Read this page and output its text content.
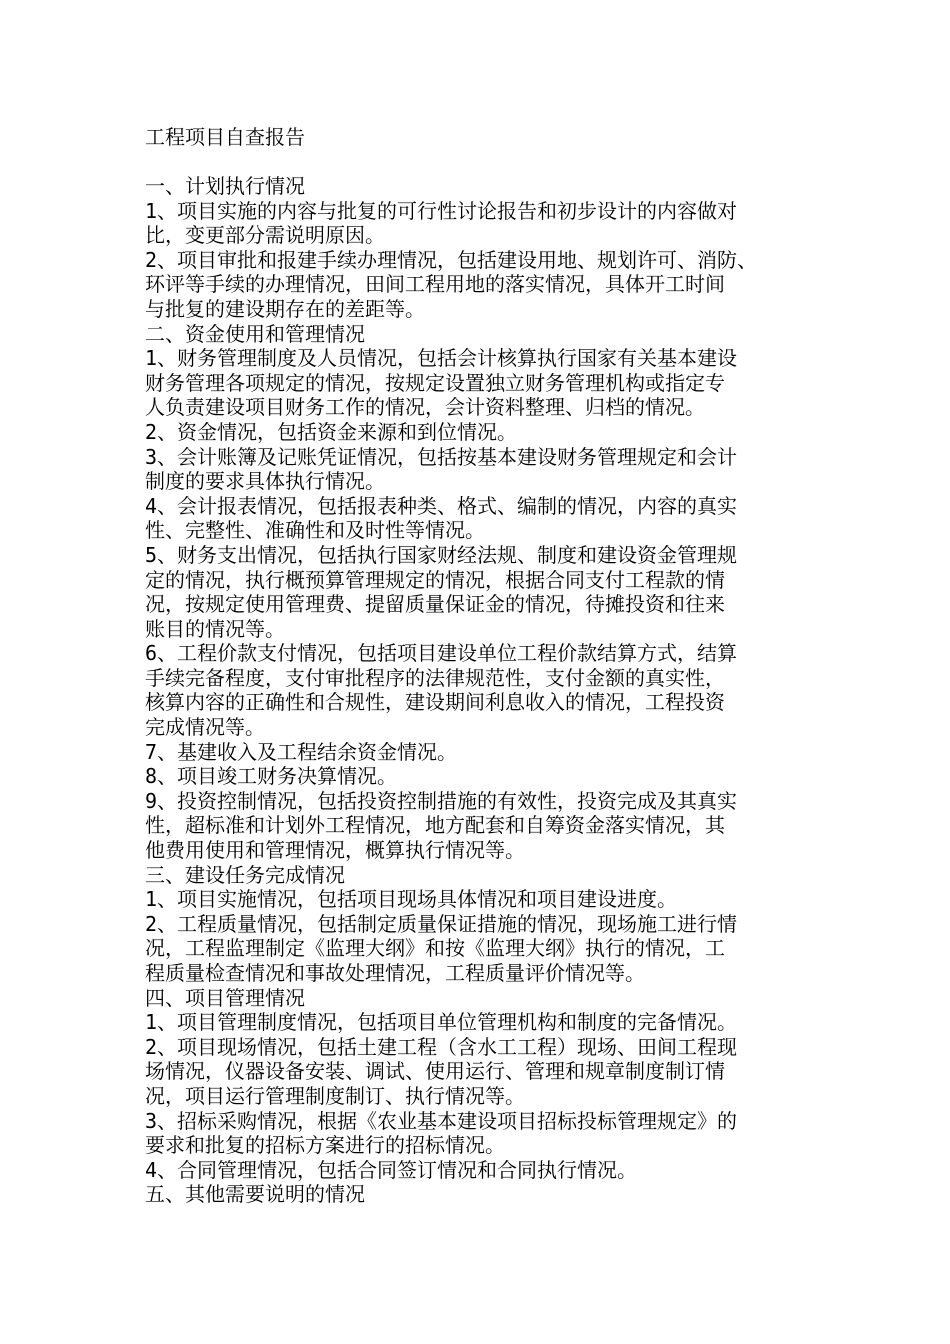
工程项目自查报告
一、计划执行情况
1、项目实施的内容与批复的可行性讨论报告和初步设计的内容做对
比，变更部分需说明原因。
2、项目审批和报建手续办理情况，包括建设用地、规划许可、消防、
环评等手续的办理情况，田间工程用地的落实情况，具体开工时间
与批复的建设期存在的差距等。
二、资金使用和管理情况
1、财务管理制度及人员情况，包括会计核算执行国家有关基本建设
财务管理各项规定的情况，按规定设置独立财务管理机构或指定专
人负责建设项目财务工作的情况，会计资料整理、归档的情况。
2、资金情况，包括资金来源和到位情况。
3、会计账簿及记账凭证情况，包括按基本建设财务管理规定和会计
制度的要求具体执行情况。
4、会计报表情况，包括报表种类、格式、编制的情况，内容的真实
性、完整性、准确性和及时性等情况。
5、财务支出情况，包括执行国家财经法规、制度和建设资金管理规
定的情况，执行概预算管理规定的情况，根据合同支付工程款的情
况，按规定使用管理费、提留质量保证金的情况，待摊投资和往来
账目的情况等。
6、工程价款支付情况，包括项目建设单位工程价款结算方式，结算
手续完备程度，支付审批程序的法律规范性，支付金额的真实性，
核算内容的正确性和合规性，建设期间利息收入的情况，工程投资
完成情况等。
7、基建收入及工程结余资金情况。
8、项目竣工财务决算情况。
9、投资控制情况，包括投资控制措施的有效性，投资完成及其真实
性，超标准和计划外工程情况，地方配套和自筹资金落实情况，其
他费用使用和管理情况，概算执行情况等。
三、建设任务完成情况
1、项目实施情况，包括项目现场具体情况和项目建设进度。
2、工程质量情况，包括制定质量保证措施的情况，现场施工进行情
况，工程监理制定《监理大纲》和按《监理大纲》执行的情况，工
程质量检查情况和事故处理情况，工程质量评价情况等。
四、项目管理情况
1、项目管理制度情况，包括项目单位管理机构和制度的完备情况。
2、项目现场情况，包括土建工程（含水工工程）现场、田间工程现
场情况，仪器设备安装、调试、使用运行、管理和规章制度制订情
况，项目运行管理制度制订、执行情况等。
3、招标采购情况，根据《农业基本建设项目招标投标管理规定》的
要求和批复的招标方案进行的招标情况。
4、合同管理情况，包括合同签订情况和合同执行情况。
五、其他需要说明的情况
